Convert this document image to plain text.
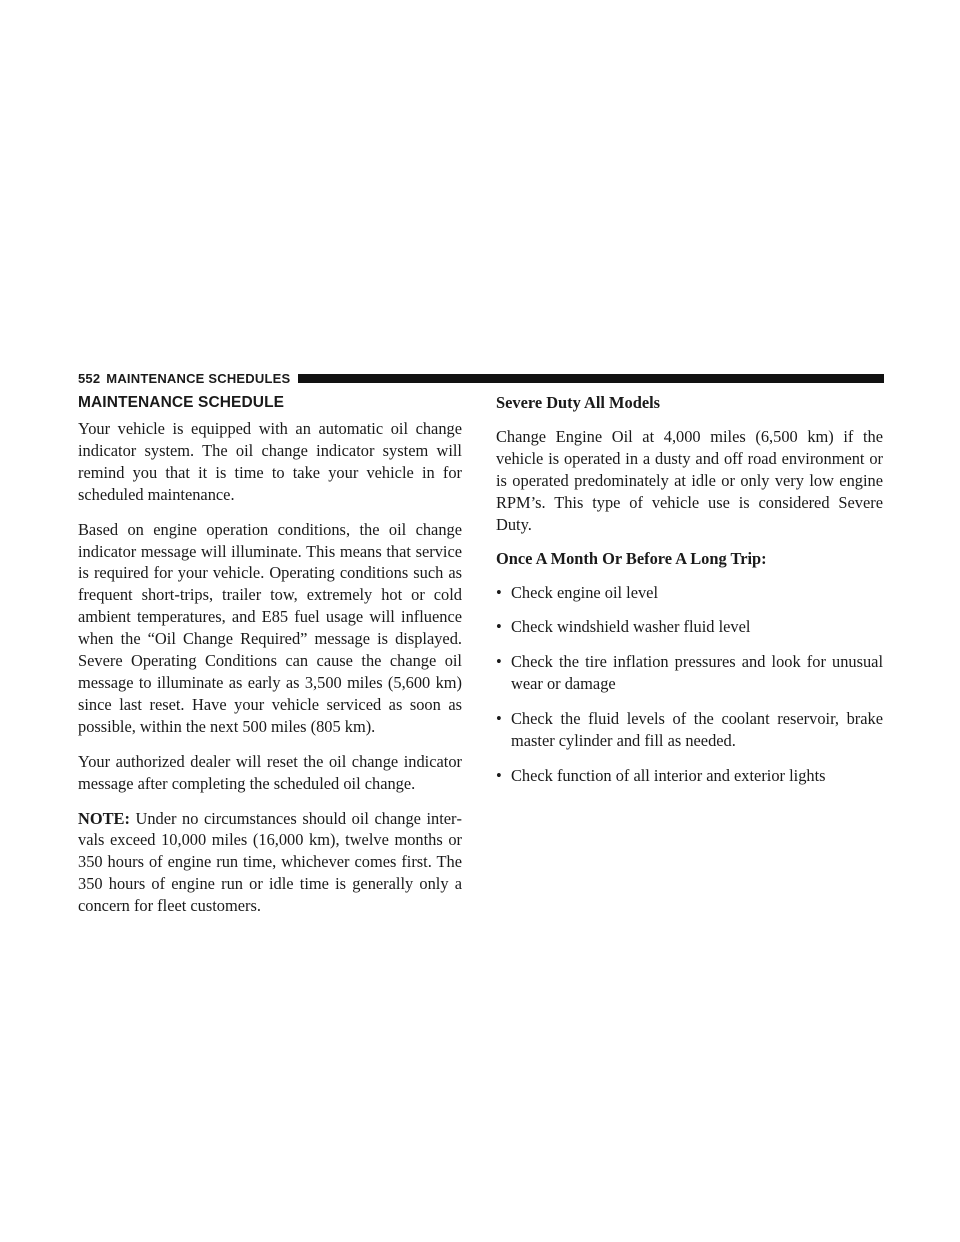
552 MAINTENANCE SCHEDULES
MAINTENANCE SCHEDULE

Your vehicle is equipped with an automatic oil change indicator system. The oil change indicator system will remind you that it is time to take your vehicle in for scheduled maintenance.

Based on engine operation conditions, the oil change indicator message will illuminate. This means that service is required for your vehicle. Operating conditions such as frequent short-trips, trailer tow, extremely hot or cold ambient temperatures, and E85 fuel usage will influence when the “Oil Change Required” message is displayed. Severe Operating Conditions can cause the change oil message to illuminate as early as 3,500 miles (5,600 km) since last reset. Have your vehicle serviced as soon as possible, within the next 500 miles (805 km).

Your authorized dealer will reset the oil change indicator message after completing the scheduled oil change.

NOTE: Under no circumstances should oil change intervals exceed 10,000 miles (16,000 km), twelve months or 350 hours of engine run time, whichever comes first. The 350 hours of engine run or idle time is generally only a concern for fleet customers.

Severe Duty All Models

Change Engine Oil at 4,000 miles (6,500 km) if the vehicle is operated in a dusty and off road environment or is operated predominately at idle or only very low engine RPM’s. This type of vehicle use is considered Severe Duty.

Once A Month Or Before A Long Trip:
• Check engine oil level
• Check windshield washer fluid level
• Check the tire inflation pressures and look for unusual wear or damage
• Check the fluid levels of the coolant reservoir, brake master cylinder and fill as needed.
• Check function of all interior and exterior lights
